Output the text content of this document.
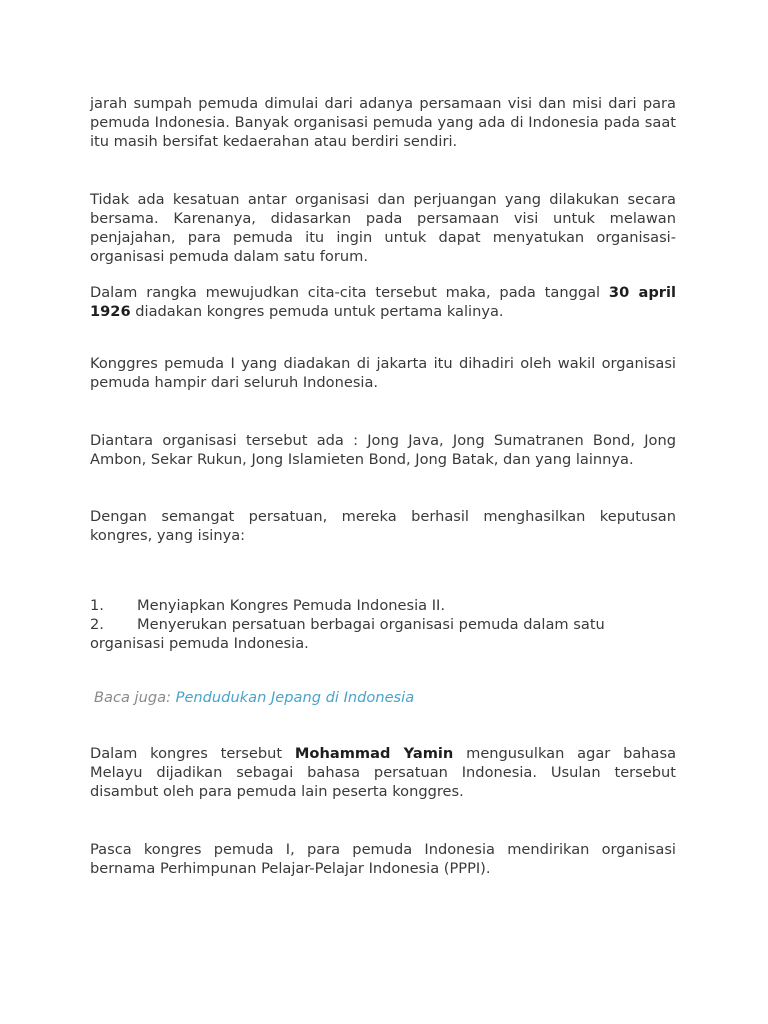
jarah sumpah pemuda dimulai dari adanya persamaan visi dan misi dari para pemuda Indonesia. Banyak organisasi pemuda yang ada di Indonesia pada saat itu masih bersifat kedaerahan atau berdiri sendiri.

Tidak ada kesatuan antar organisasi dan perjuangan yang dilakukan secara bersama. Karenanya, didasarkan pada persamaan visi untuk melawan penjajahan, para pemuda itu ingin untuk dapat menyatukan organisasi-organisasi pemuda dalam satu forum.

Dalam rangka mewujudkan cita-cita tersebut maka, pada tanggal 30 april 1926 diadakan kongres pemuda untuk pertama kalinya.

Konggres pemuda I yang diadakan di jakarta itu dihadiri oleh wakil organisasi pemuda hampir dari seluruh Indonesia.

Diantara organisasi tersebut ada : Jong Java, Jong Sumatranen Bond, Jong Ambon, Sekar Rukun, Jong Islamieten Bond, Jong Batak, dan yang lainnya.

Dengan semangat persatuan, mereka berhasil menghasilkan keputusan kongres, yang isinya:

1. Menyiapkan Kongres Pemuda Indonesia II.
2. Menyerukan persatuan berbagai organisasi pemuda dalam satu organisasi pemuda Indonesia.

Baca juga: Pendudukan Jepang di Indonesia

Dalam kongres tersebut Mohammad Yamin mengusulkan agar bahasa Melayu dijadikan sebagai bahasa persatuan Indonesia. Usulan tersebut disambut oleh para pemuda lain peserta konggres.

Pasca kongres pemuda I, para pemuda Indonesia mendirikan organisasi bernama Perhimpunan Pelajar-Pelajar Indonesia (PPPI).
